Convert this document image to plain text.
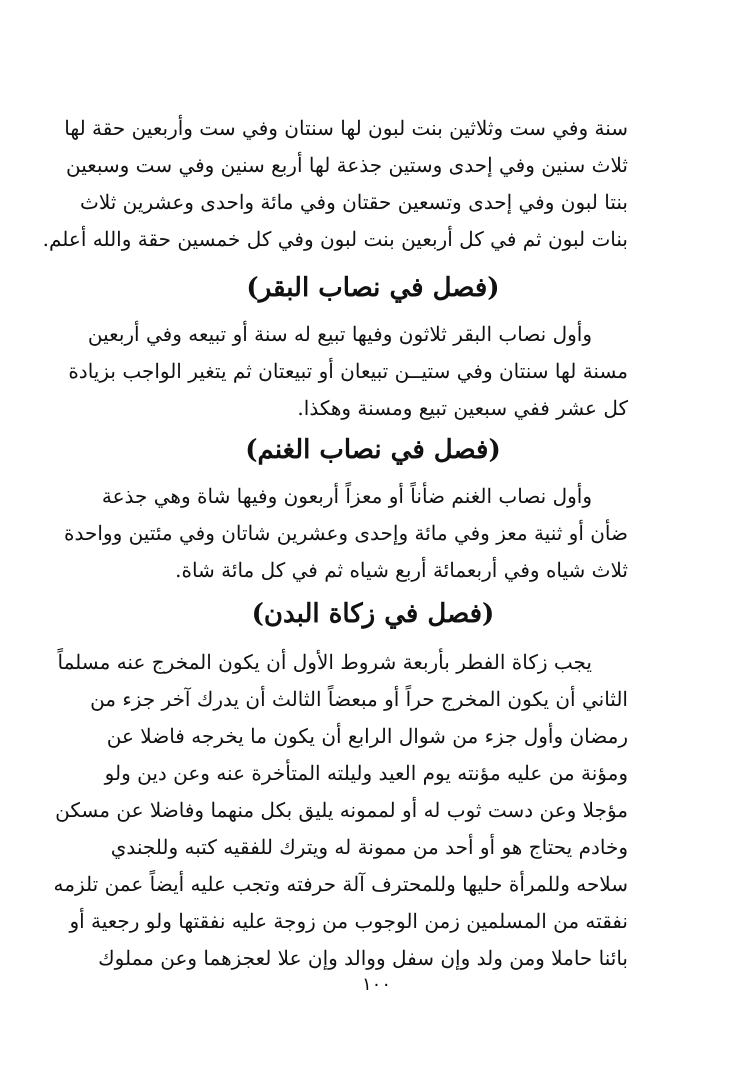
سنة وفي ست وثلاثين بنت لبون لها سنتان وفي ست وأربعين حقة لها
ثلاث سنين وفي إحدى وستين جذعة لها أربع سنين وفي ست وسبعين
بنتا لبون وفي إحدى وتسعين حقتان وفي مائة واحدى وعشرين ثلاث
بنات لبون ثم في كل أربعين بنت لبون وفي كل خمسين حقة والله أعلم.
(فصل في نصاب البقر)
وأول نصاب البقر ثلاثون وفيها تبيع له سنة أو تبيعه وفي أربعين
مسنة لها سنتان وفي ستيــن تبيعان أو تبيعتان ثم يتغير الواجب بزيادة
كل عشر ففي سبعين تبيع ومسنة وهكذا.
(فصل في نصاب الغنم)
وأول نصاب الغنم ضأناً أو معزاً أربعون وفيها شاة وهي جذعة
ضأن أو ثنية معز وفي مائة وإحدى وعشرين شاتان وفي مئتين وواحدة
ثلاث شياه وفي أربعمائة أربع شياه ثم في كل مائة شاة.
(فصل في زكاة البدن)
يجب زكاة الفطر بأربعة شروط الأول أن يكون المخرج عنه مسلماً
الثاني أن يكون المخرج حراً أو مبعضاً الثالث أن يدرك آخر جزء من
رمضان وأول جزء من شوال الرابع أن يكون ما يخرجه فاضلا عن
ومؤنة من عليه مؤنته يوم العيد وليلته المتأخرة عنه وعن دين ولو
مؤجلا وعن دست ثوب له أو لممونه يليق بكل منهما وفاضلا عن مسكن
وخادم يحتاج هو أو أحد من ممونة له ويترك للفقيه كتبه وللجندي
سلاحه وللمرأة حليها وللمحترف آلة حرفته وتجب عليه أيضاً عمن تلزمه
نفقته من المسلمين زمن الوجوب من زوجة عليه نفقتها ولو رجعية أو
بائنا حاملا ومن ولد وإن سفل ووالد وإن علا لعجزهما وعن مملوك
١٠٠
